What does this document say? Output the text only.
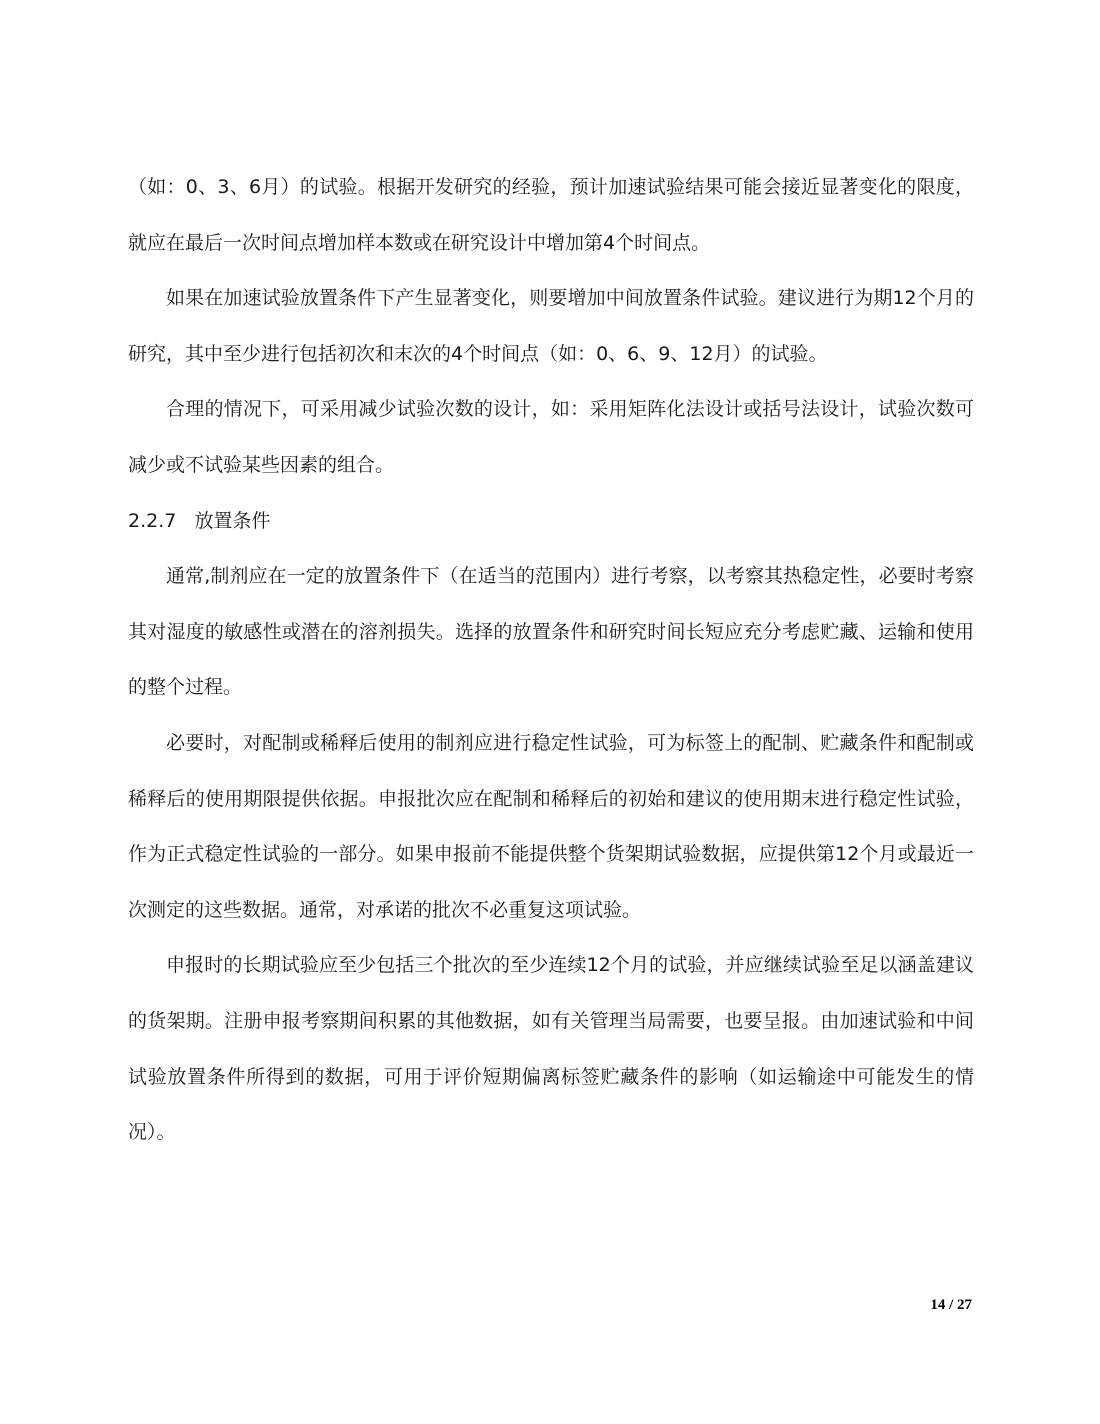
（如：0、3、6月）的试验。根据开发研究的经验，预计加速试验结果可能会接近显著变化的限度，就应在最后一次时间点增加样本数或在研究设计中增加第4个时间点。

如果在加速试验放置条件下产生显著变化，则要增加中间放置条件试验。建议进行为期12个月的研究，其中至少进行包括初次和末次的4个时间点（如：0、6、9、12月）的试验。

合理的情况下，可采用减少试验次数的设计，如：采用矩阵化法设计或括号法设计，试验次数可减少或不试验某些因素的组合。

2.2.7 放置条件

通常,制剂应在一定的放置条件下（在适当的范围内）进行考察，以考察其热稳定性，必要时考察其对湿度的敏感性或潜在的溶剂损失。选择的放置条件和研究时间长短应充分考虑贮藏、运输和使用的整个过程。

必要时，对配制或稀释后使用的制剂应进行稳定性试验，可为标签上的配制、贮藏条件和配制或稀释后的使用期限提供依据。申报批次应在配制和稀释后的初始和建议的使用期末进行稳定性试验，作为正式稳定性试验的一部分。如果申报前不能提供整个货架期试验数据，应提供第12个月或最近一次测定的这些数据。通常，对承诺的批次不必重复这项试验。

申报时的长期试验应至少包括三个批次的至少连续12个月的试验，并应继续试验至足以涵盖建议的货架期。注册申报考察期间积累的其他数据，如有关管理当局需要，也要呈报。由加速试验和中间试验放置条件所得到的数据，可用于评价短期偏离标签贮藏条件的影响（如运输途中可能发生的情况）。

14 / 27
